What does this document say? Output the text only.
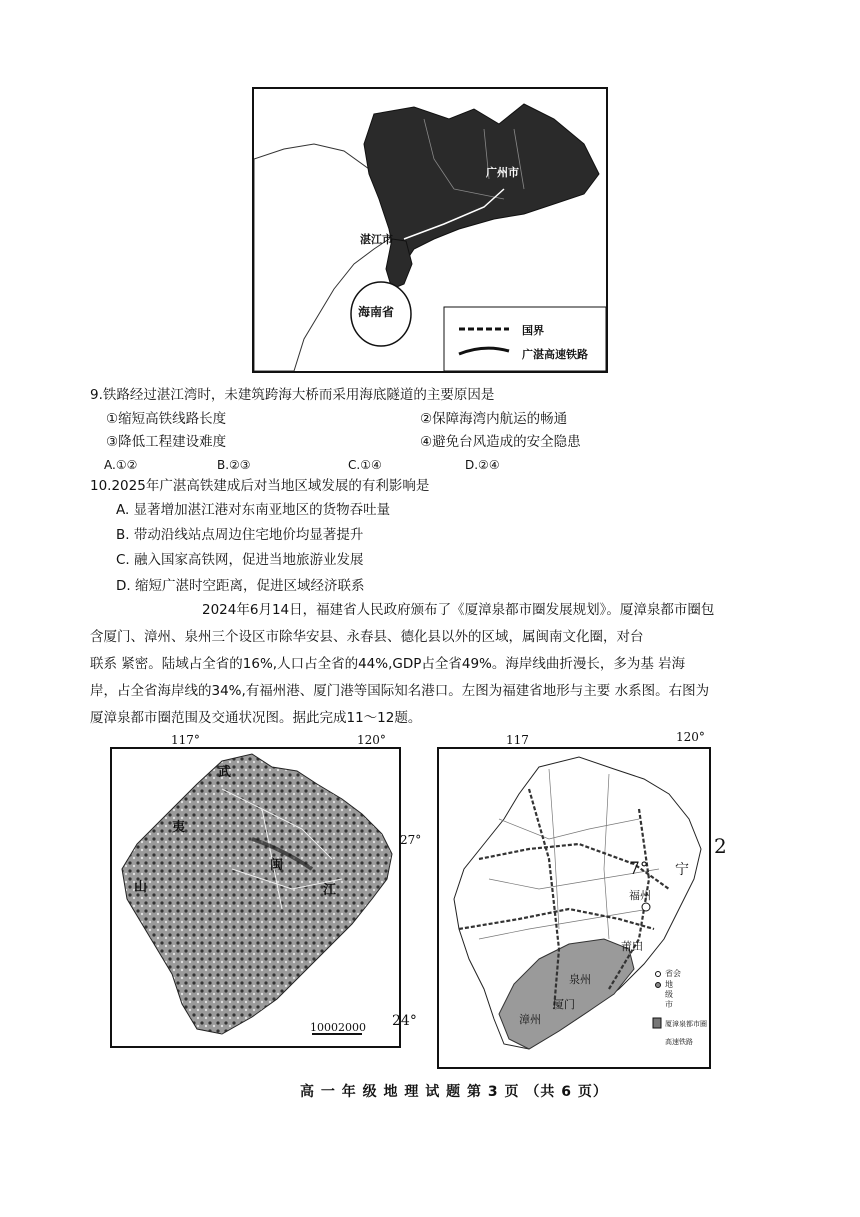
广州市
湛江市
海南省
国界
广湛高速铁路
9.铁路经过湛江湾时，未建筑跨海大桥而采用海底隧道的主要原因是
①缩短高铁线路长度	②保障海湾内航运的畅通
③降低工程建设难度	④避免台风造成的安全隐患
A.①②	B.②③	C.①④	D.②④
10.2025年广湛高铁建成后对当地区域发展的有利影响是
A. 显著增加湛江港对东南亚地区的货物吞吐量
B. 带动沿线站点周边住宅地价均显著提升
C. 融入国家高铁网，促进当地旅游业发展
D. 缩短广湛时空距离，促进区域经济联系
2024年6月14日，福建省人民政府颁布了《厦漳泉都市圈发展规划》。厦漳泉都市圈包
含厦门、漳州、泉州三个设区市除华安县、永春县、德化县以外的区域，属闽南文化圈，对台
联系 紧密。陆域占全省的16%,人口占全省的44%,GDP占全省49%。海岸线曲折漫长，多为基 岩海
岸，占全省海岸线的34%,有福州港、厦门港等国际知名港口。左图为福建省地形与主要 水系图。右图为
厦漳泉都市圈范围及交通状况图。据此完成11～12题。
117°	120°
武
夷
山
闽
江
10002000
27°
24°
117	120°
7° 宁
福州
莆田
泉州
厦门
漳州
省会
地级市
厦漳泉都市圈
高速铁路
2
高 一 年 级 地 理 试 题 第 3 页 （共 6 页）
